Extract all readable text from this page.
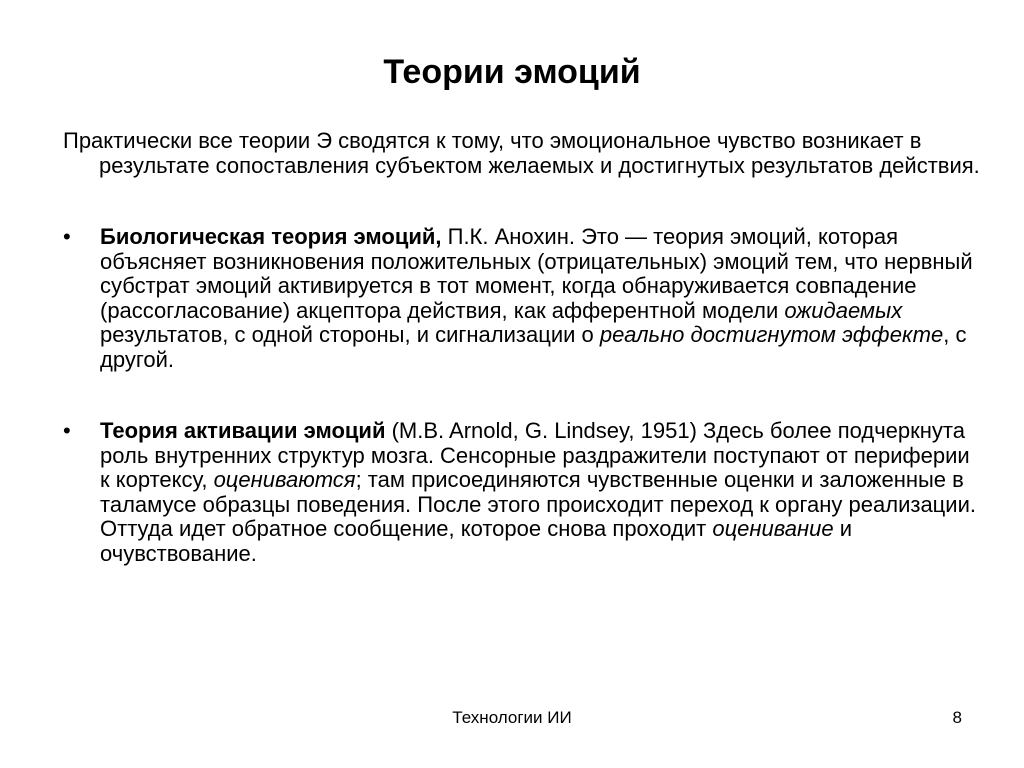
Теории эмоций

Практически все теории Э сводятся к тому, что эмоциональное чувство возникает в результате сопоставления субъектом желаемых и достигнутых результатов действия.

•	Биологическая теория эмоций, П.К. Анохин. Это — теория эмоций, которая объясняет возникновения положительных (отрицательных) эмоций тем, что нервный субстрат эмоций активируется в тот момент, когда обнаруживается совпадение (рассогласование) акцептора действия, как афферентной модели ожидаемых результатов, с одной стороны, и сигнализации о реально достигнутом эффекте, с другой.
•	Теория активации эмоций (M.B. Arnold, G. Lindsey, 1951) Здесь более подчеркнута роль внутренних структур мозга. Сенсорные раздражители поступают от периферии к кортексу, оцениваются; там присоединяются чувственные оценки и заложенные в таламусе образцы поведения. После этого происходит переход к органу реализации. Оттуда идет обратное сообщение, которое снова проходит оценивание и очувствование.
Технологии ИИ	8
